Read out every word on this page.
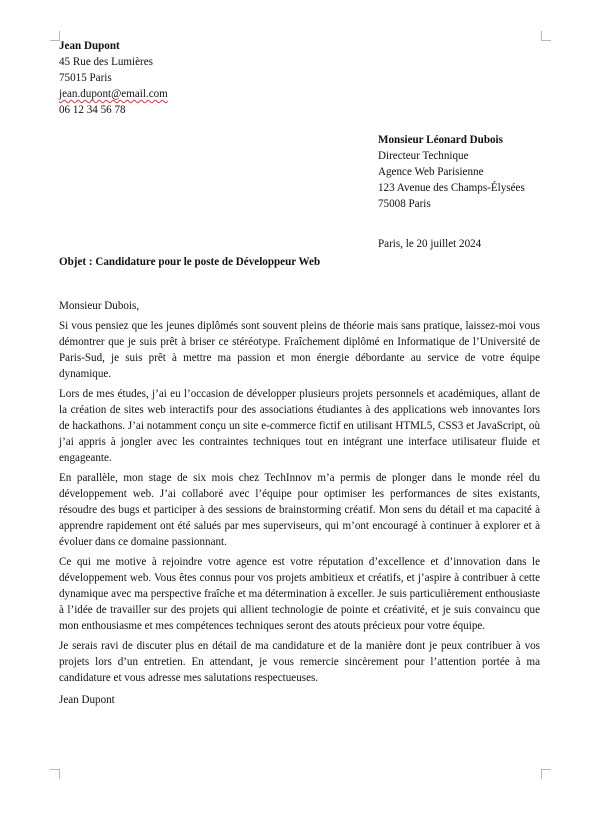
Jean Dupont
45 Rue des Lumières
75015 Paris
jean.dupont@email.com
06 12 34 56 78
Monsieur Léonard Dubois
Directeur Technique
Agence Web Parisienne
123 Avenue des Champs-Élysées
75008 Paris
Paris, le 20 juillet 2024
Objet : Candidature pour le poste de Développeur Web
Monsieur Dubois,

Si vous pensiez que les jeunes diplômés sont souvent pleins de théorie mais sans pratique, laissez-moi vous démontrer que je suis prêt à briser ce stéréotype. Fraîchement diplômé en Informatique de l’Université de Paris-Sud, je suis prêt à mettre ma passion et mon énergie débordante au service de votre équipe dynamique.

Lors de mes études, j’ai eu l’occasion de développer plusieurs projets personnels et académiques, allant de la création de sites web interactifs pour des associations étudiantes à des applications web innovantes lors de hackathons. J’ai notamment conçu un site e-commerce fictif en utilisant HTML5, CSS3 et JavaScript, où j’ai appris à jongler avec les contraintes techniques tout en intégrant une interface utilisateur fluide et engageante.

En parallèle, mon stage de six mois chez TechInnov m’a permis de plonger dans le monde réel du développement web. J’ai collaboré avec l’équipe pour optimiser les performances de sites existants, résoudre des bugs et participer à des sessions de brainstorming créatif. Mon sens du détail et ma capacité à apprendre rapidement ont été salués par mes superviseurs, qui m’ont encouragé à continuer à explorer et à évoluer dans ce domaine passionnant.

Ce qui me motive à rejoindre votre agence est votre réputation d’excellence et d’innovation dans le développement web. Vous êtes connus pour vos projets ambitieux et créatifs, et j’aspire à contribuer à cette dynamique avec ma perspective fraîche et ma détermination à exceller. Je suis particulièrement enthousiaste à l’idée de travailler sur des projets qui allient technologie de pointe et créativité, et je suis convaincu que mon enthousiasme et mes compétences techniques seront des atouts précieux pour votre équipe.

Je serais ravi de discuter plus en détail de ma candidature et de la manière dont je peux contribuer à vos projets lors d’un entretien. En attendant, je vous remercie sincèrement pour l’attention portée à ma candidature et vous adresse mes salutations respectueuses.

Jean Dupont
